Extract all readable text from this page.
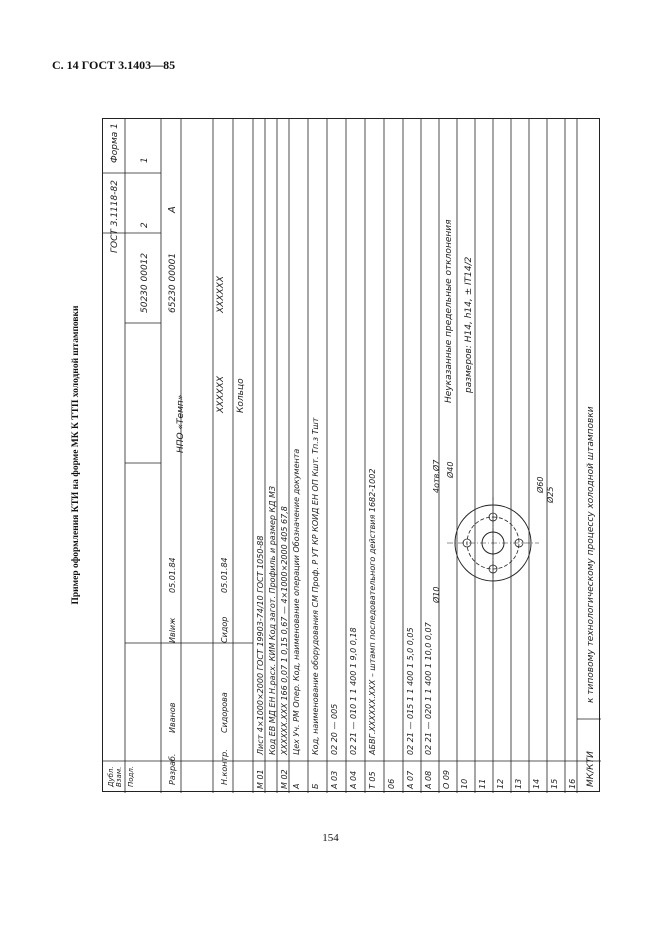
С. 14 ГОСТ 3.1403—85
Пример оформления КТИ на форме МК К ТТП холодной штамповки
ГОСТ 3.1118-82
Форма 1
50230 00012
2
1
65230 00001
А
НПО «Темп»
XXXXXX
XXXXXX
Кольцо
Дубл. Взам. Подл.	Разраб.
Иванов
Ивlиж
05.01.84
Н.контр.
Сидорова
Сидор
05.01.84
М 01
Лист 4×1000×2000 ГОСТ 19903-74/10 ГОСТ 1050-88 Код ЕВ МД ЕН Н.расх. КИМ Код загот. Профиль и размер КД МЗ
М 02
XXXXXX.XXX 166 0,07 1 0,15 0,67 — 4×1000×2000 405 67,8
А
Цех Уч. РМ Опер. Код, наименование операции Обозначение документа
Б
Код, наименование оборудования СМ Проф. Р УТ КР КОИД ЕН ОП Кшт. Тп.з Тшт
А 03
02 20 — 005
А 04
02 21 — 010 1 1 400 1 9,0 0,18
Т 05
АБВГ.XXXXXX.XXX – штамп последовательного действия 1682-1002
06 А 07
02 21 — 015 1 1 400 1 5,0 0,05
А 08
02 21 — 020 1 1 400 1 10,0 0,07
О 09 10 11 12 13 14 15 16
Ø10
4отв.Ø7 Ø40
Ø60
Ø25
Неуказанные предельные отклонения размеров: Н14, h14, ± IT14/2
МК/КТИ
к типовому технологическому процессу холодной штамповки
154
